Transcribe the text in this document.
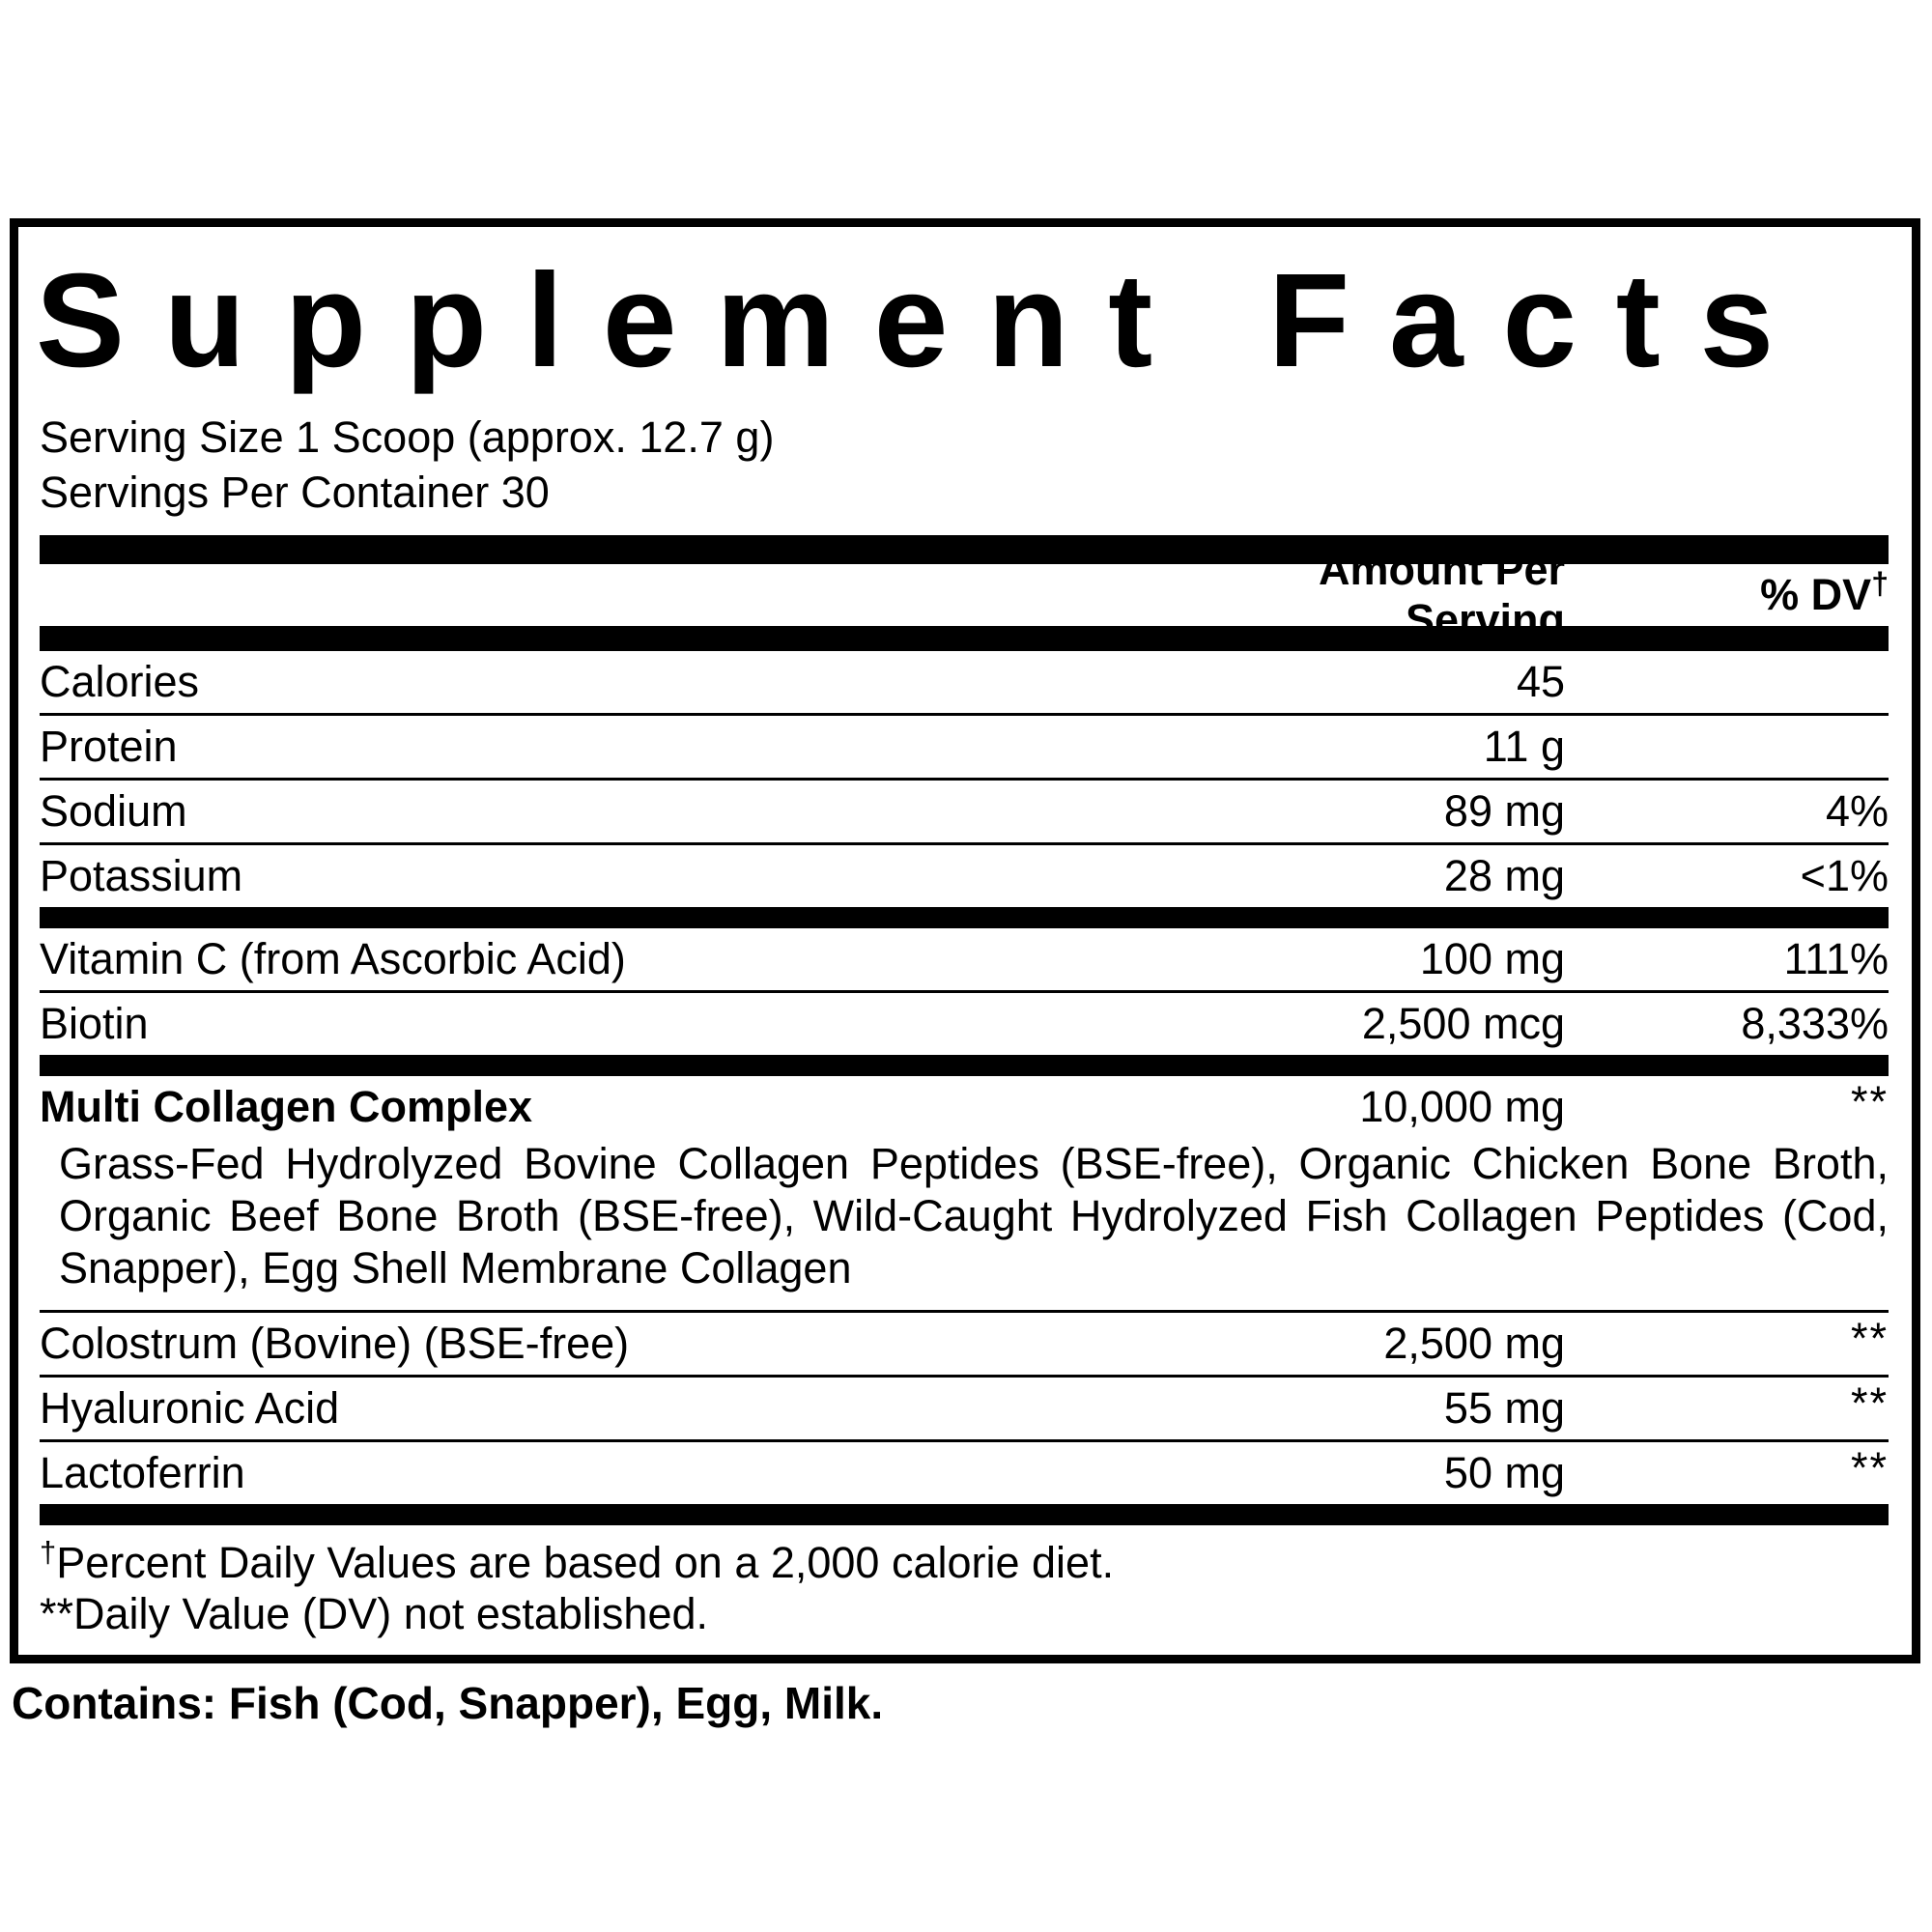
Supplement Facts
Serving Size 1 Scoop (approx. 12.7 g)
Servings Per Container 30
Amount Per Serving
% DV†
Calories	45
Protein	11 g
Sodium	89 mg	4%
Potassium	28 mg	<1%
Vitamin C (from Ascorbic Acid)	100 mg	111%
Biotin	2,500 mcg	8,333%
Multi Collagen Complex	10,000 mg	**
Grass-Fed Hydrolyzed Bovine Collagen Peptides (BSE-free), Organic Chicken Bone Broth, Organic Beef Bone Broth (BSE-free), Wild-Caught Hydrolyzed Fish Collagen Peptides (Cod, Snapper), Egg Shell Membrane Collagen
Colostrum (Bovine) (BSE-free)	2,500 mg	**
Hyaluronic Acid	55 mg	**
Lactoferrin	50 mg	**
†Percent Daily Values are based on a 2,000 calorie diet.
**Daily Value (DV) not established.
Contains: Fish (Cod, Snapper), Egg, Milk.
